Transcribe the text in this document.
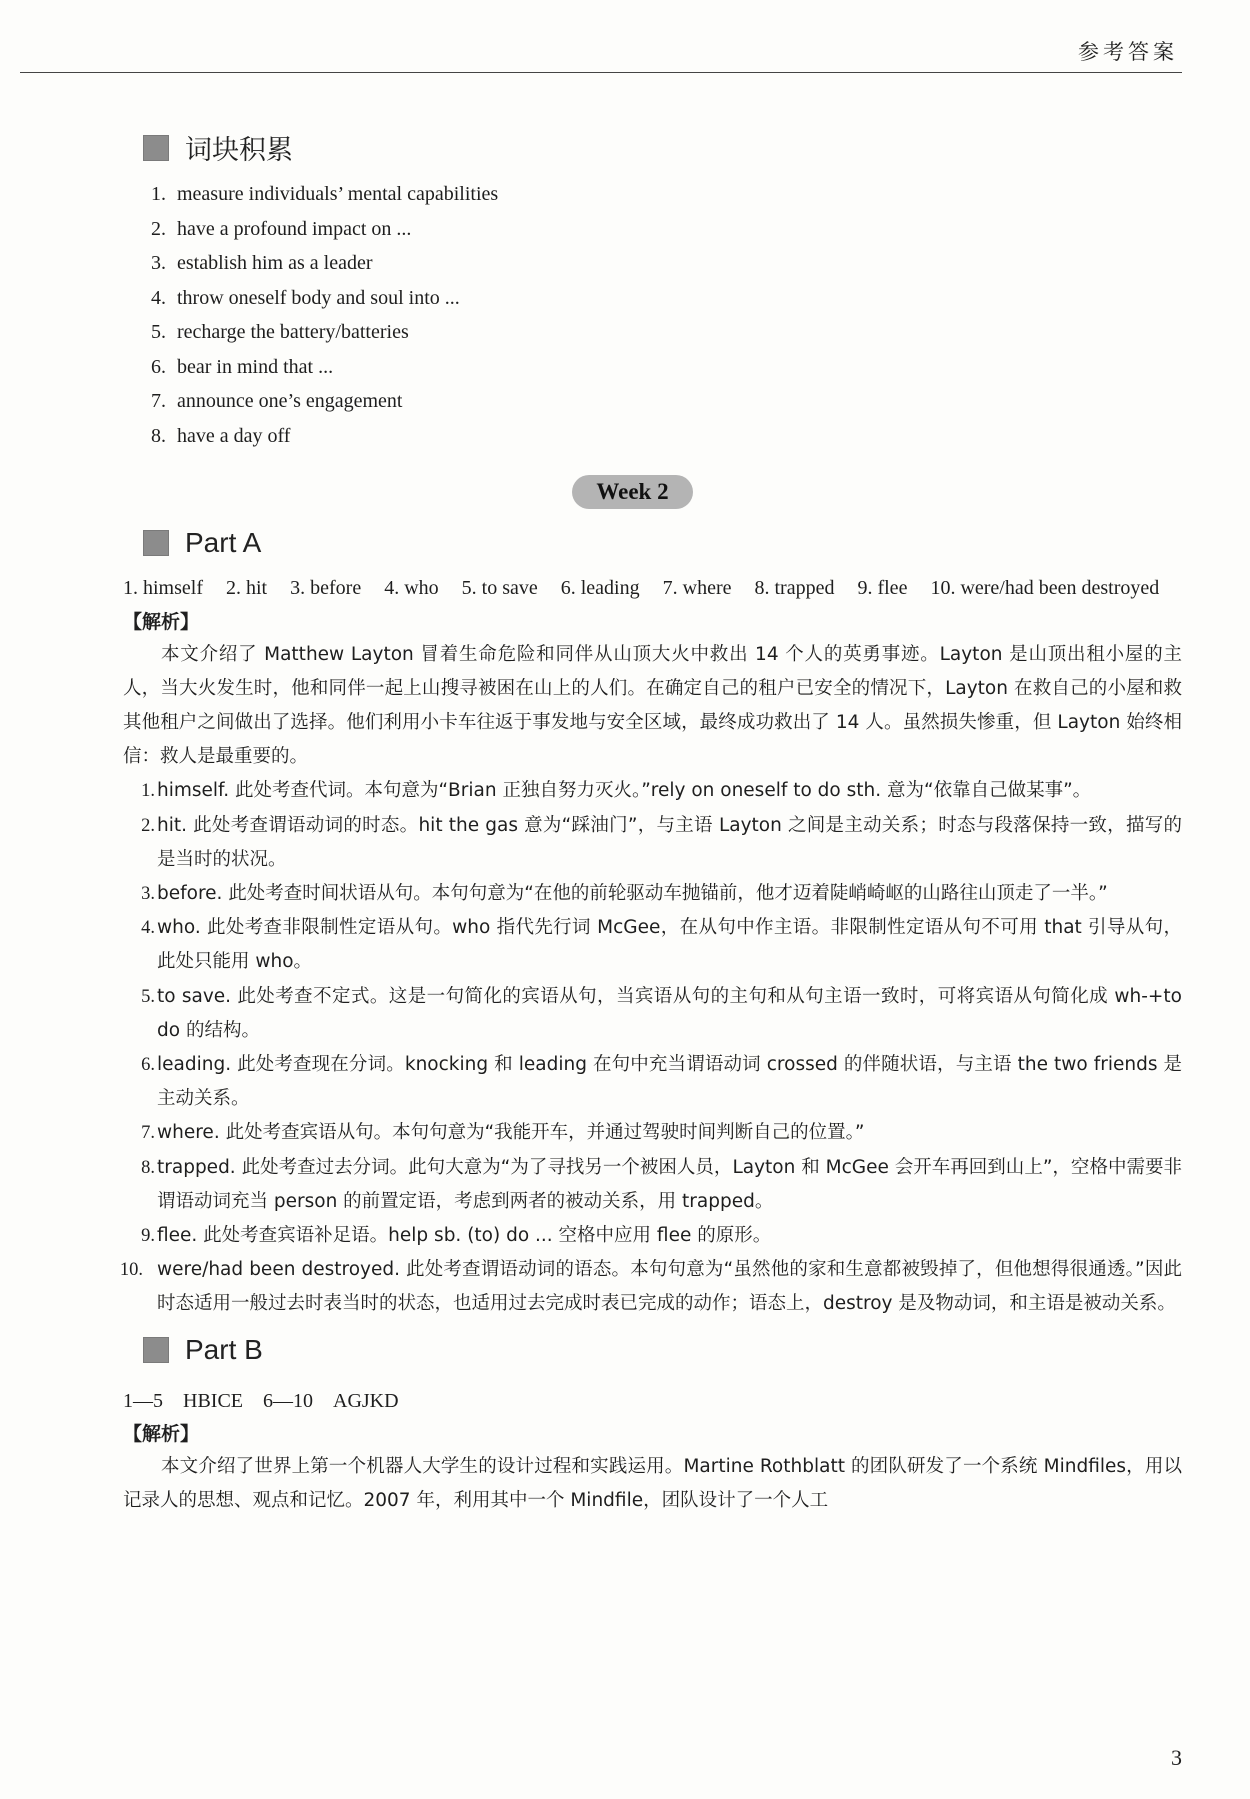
参考答案
词块积累
1. measure individuals’ mental capabilities
2. have a profound impact on ...
3. establish him as a leader
4. throw oneself body and soul into ...
5. recharge the battery/batteries
6. bear in mind that ...
7. announce one’s engagement
8. have a day off
Week 2
Part A
1. himself 2. hit 3. before 4. who 5. to save 6. leading 7. where 8. trapped 9. flee 10. were/had been destroyed
【解析】

本文介绍了 Matthew Layton 冒着生命危险和同伴从山顶大火中救出 14 个人的英勇事迹。Layton 是山顶出租小屋的主人，当大火发生时，他和同伴一起上山搜寻被困在山上的人们。在确定自己的租户已安全的情况下，Layton 在救自己的小屋和救其他租户之间做出了选择。他们利用小卡车往返于事发地与安全区域，最终成功救出了 14 人。虽然损失惨重，但 Layton 始终相信：救人是最重要的。

1. himself. 此处考查代词。本句意为“Brian 正独自努力灭火。”rely on oneself to do sth. 意为“依靠自己做某事”。
2. hit. 此处考查谓语动词的时态。hit the gas 意为“踩油门”，与主语 Layton 之间是主动关系；时态与段落保持一致，描写的是当时的状况。
3. before. 此处考查时间状语从句。本句句意为“在他的前轮驱动车抛锚前，他才迈着陡峭崎岖的山路往山顶走了一半。”
4. who. 此处考查非限制性定语从句。who 指代先行词 McGee，在从句中作主语。非限制性定语从句不可用 that 引导从句，此处只能用 who。
5. to save. 此处考查不定式。这是一句简化的宾语从句，当宾语从句的主句和从句主语一致时，可将宾语从句简化成 wh-+to do 的结构。
6. leading. 此处考查现在分词。knocking 和 leading 在句中充当谓语动词 crossed 的伴随状语，与主语 the two friends 是主动关系。
7. where. 此处考查宾语从句。本句句意为“我能开车，并通过驾驶时间判断自己的位置。”
8. trapped. 此处考查过去分词。此句大意为“为了寻找另一个被困人员，Layton 和 McGee 会开车再回到山上”，空格中需要非谓语动词充当 person 的前置定语，考虑到两者的被动关系，用 trapped。
9. flee. 此处考查宾语补足语。help sb. (to) do ... 空格中应用 flee 的原形。
10. were/had been destroyed. 此处考查谓语动词的语态。本句句意为“虽然他的家和生意都被毁掉了，但他想得很通透。”因此时态适用一般过去时表当时的状态，也适用过去完成时表已完成的动作；语态上，destroy 是及物动词，和主语是被动关系。
Part B
1—5　HBICE　6—10　AGJKD
【解析】

本文介绍了世界上第一个机器人大学生的设计过程和实践运用。Martine Rothblatt 的团队研发了一个系统 Mindfiles，用以记录人的思想、观点和记忆。2007 年，利用其中一个 Mindfile，团队设计了一个人工

3
